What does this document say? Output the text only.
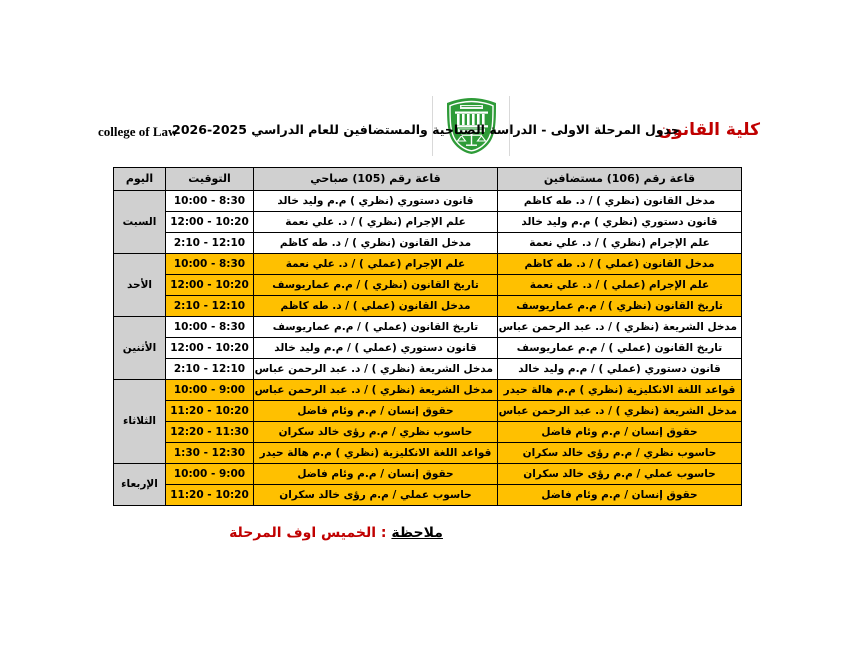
college of Law	كلية القانون
جدول المرحلة الاولى - الدراسة الصباحية والمستضافين للعام الدراسي 2025-2026
قاعة رقم (106) مستضافين	قاعة رقم (105) صباحي	التوقيت	اليوم
مدخل القانون (نظري ) / د. طه كاظم	قانون دستوري (نظري ) م.م وليد خالد	8:30 - 10:00	السبت
قانون دستوري (نظري ) م.م وليد خالد	علم الإجرام (نظري ) / د. علي نعمة	10:20 - 12:00	
علم الإجرام (نظري ) / د. علي نعمة	مدخل القانون (نظري ) / د. طه كاظم	12:10 - 2:10	
مدخل القانون (عملي ) / د. طه كاظم	علم الإجرام (عملي ) / د. علي نعمة	8:30 - 10:00	الأحد
علم الإجرام (عملي ) / د. علي نعمة	تاريخ القانون (نظري ) / م.م عماريوسف	10:20 - 12:00	
تاريخ القانون (نظري ) / م.م عماريوسف	مدخل القانون (عملي ) / د. طه كاظم	12:10 - 2:10	
مدخل الشريعة (نظري ) / د. عبد الرحمن عباس	تاريخ القانون (عملي ) / م.م عماريوسف	8:30 - 10:00	الأثنين
تاريخ القانون (عملي ) / م.م عماريوسف	قانون دستوري (عملي ) / م.م وليد خالد	10:20 - 12:00	
قانون دستوري (عملي ) / م.م وليد خالد	مدخل الشريعة (نظري ) / د. عبد الرحمن عباس	12:10 - 2:10	
قواعد اللغة الانكليزية (نظري ) م.م هالة حيدر	مدخل الشريعة (نظري ) / د. عبد الرحمن عباس	9:00 - 10:00	الثلاثاء
مدخل الشريعة (نظري ) / د. عبد الرحمن عباس	حقوق إنسان / م.م وئام فاضل	10:20 - 11:20	
حقوق إنسان / م.م وئام فاضل	حاسوب نظري / م.م رؤى خالد سكران	11:30 - 12:20	
حاسوب نظري / م.م رؤى خالد سكران	قواعد اللغة الانكليزية (نظري ) م.م هالة حيدر	12:30 - 1:30	
حاسوب عملي / م.م رؤى خالد سكران	حقوق إنسان / م.م وئام فاضل	9:00 - 10:00	الإربعاء
حقوق إنسان / م.م وئام فاضل	حاسوب عملي / م.م رؤى خالد سكران	10:20 - 11:20	
ملاحظة : الخميس اوف المرحلة
